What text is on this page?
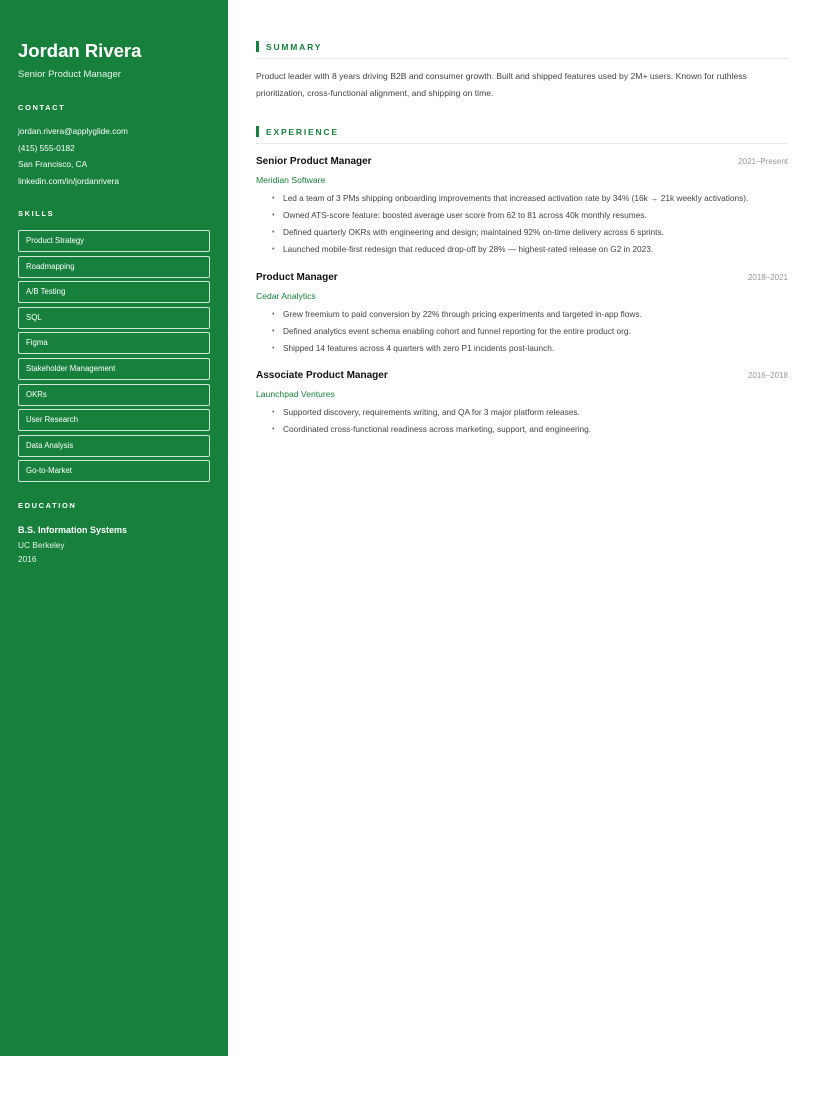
Jordan Rivera
Senior Product Manager
CONTACT
jordan.rivera@applyglide.com
(415) 555-0182
San Francisco, CA
linkedin.com/in/jordanrivera
SKILLS
Product Strategy
Roadmapping
A/B Testing
SQL
Figma
Stakeholder Management
OKRs
User Research
Data Analysis
Go-to-Market
EDUCATION
B.S. Information Systems
UC Berkeley
2016
SUMMARY

Product leader with 8 years driving B2B and consumer growth. Built and shipped features used by 2M+ users. Known for ruthless prioritization, cross-functional alignment, and shipping on time.

EXPERIENCE
Senior Product Manager	2021–Present
Meridian Software
• Led a team of 3 PMs shipping onboarding improvements that increased activation rate by 34% (16k → 21k weekly activations).
• Owned ATS-score feature: boosted average user score from 62 to 81 across 40k monthly resumes.
• Defined quarterly OKRs with engineering and design; maintained 92% on-time delivery across 6 sprints.
• Launched mobile-first redesign that reduced drop-off by 28% — highest-rated release on G2 in 2023.
Product Manager	2018–2021
Cedar Analytics
• Grew freemium to paid conversion by 22% through pricing experiments and targeted in-app flows.
• Defined analytics event schema enabling cohort and funnel reporting for the entire product org.
• Shipped 14 features across 4 quarters with zero P1 incidents post-launch.
Associate Product Manager	2016–2018
Launchpad Ventures
• Supported discovery, requirements writing, and QA for 3 major platform releases.
• Coordinated cross-functional readiness across marketing, support, and engineering.
